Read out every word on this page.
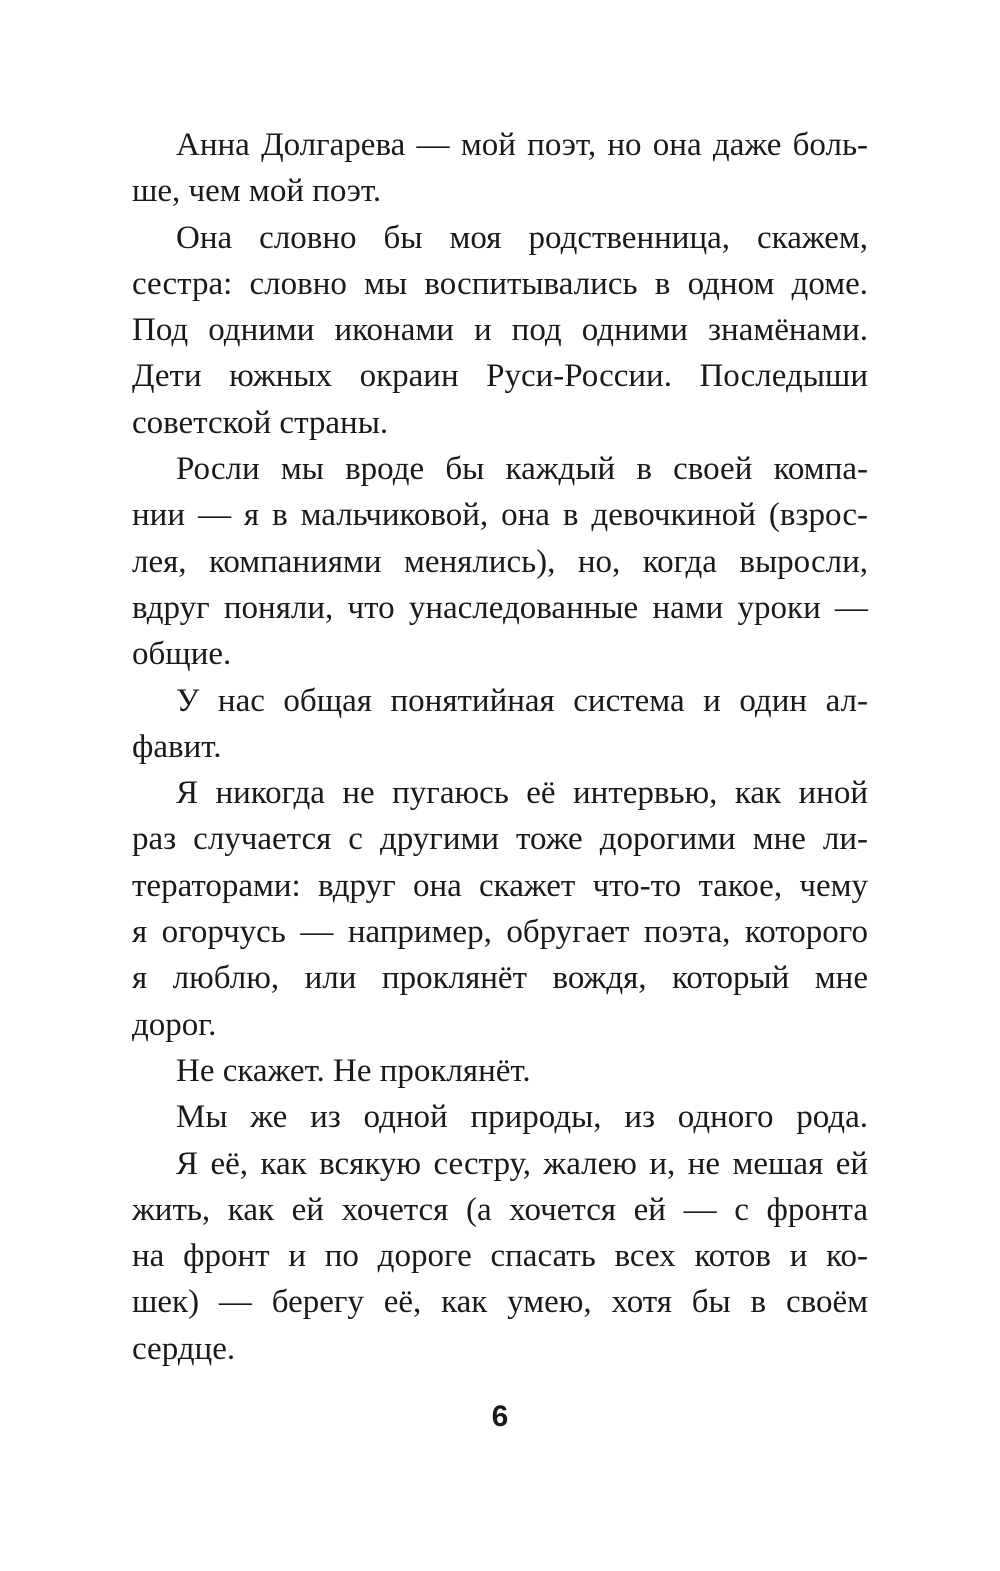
Анна Долгарева — мой поэт, но она даже боль-
ше, чем мой поэт.
Она словно бы моя родственница, скажем,
сестра: словно мы воспитывались в одном доме.
Под одними иконами и под одними знамёнами.
Дети южных окраин Руси-России. Последыши
советской страны.
Росли мы вроде бы каждый в своей компа-
нии — я в мальчиковой, она в девочкиной (взрос-
лея, компаниями менялись), но, когда выросли,
вдруг поняли, что унаследованные нами уроки —
общие.
У нас общая понятийная система и один ал-
фавит.
Я никогда не пугаюсь её интервью, как иной
раз случается с другими тоже дорогими мне ли-
тераторами: вдруг она скажет что-то такое, чему
я огорчусь — например, обругает поэта, которого
я люблю, или проклянёт вождя, который мне
дорог.
Не скажет. Не проклянёт.
Мы же из одной природы, из одного рода.
Я её, как всякую сестру, жалею и, не мешая ей
жить, как ей хочется (а хочется ей — с фронта
на фронт и по дороге спасать всех котов и ко-
шек) — берегу её, как умею, хотя бы в своём
сердце.
6
